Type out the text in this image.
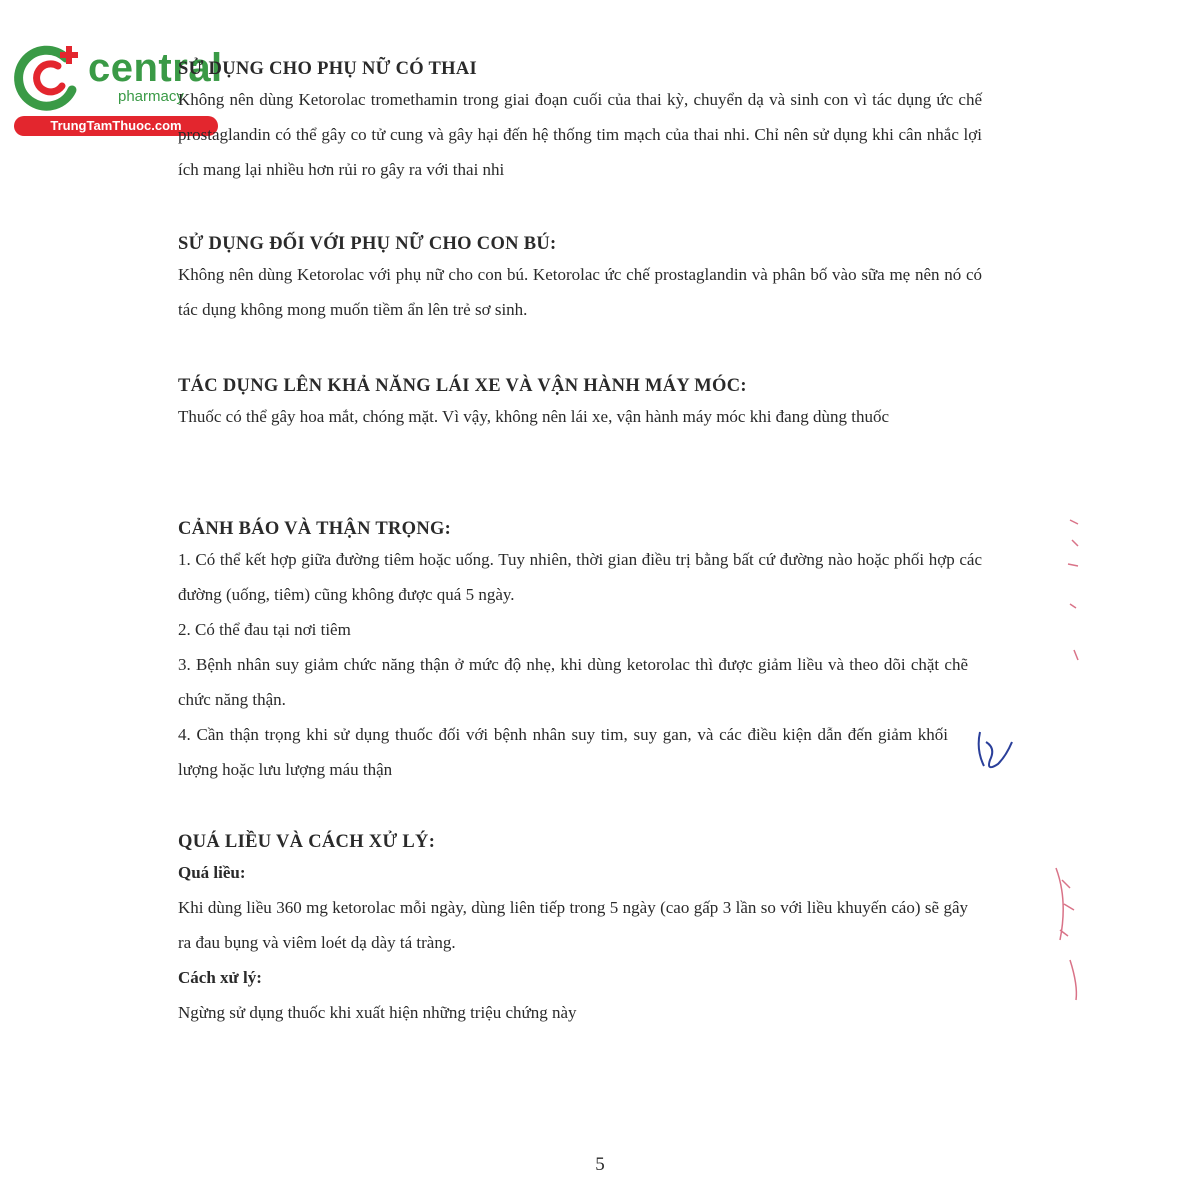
central
pharmacy
TrungTamThuoc.com
SỬ DỤNG CHO PHỤ NỮ CÓ THAI

Không nên dùng Ketorolac tromethamin trong giai đoạn cuối của thai kỳ, chuyển dạ và sinh con vì tác dụng ức chế prostaglandin có thể gây co tử cung và gây hại đến hệ thống tim mạch của thai nhi. Chỉ nên sử dụng khi cân nhắc lợi ích mang lại nhiều hơn rủi ro gây ra với thai nhi

SỬ DỤNG ĐỐI VỚI PHỤ NỮ CHO CON BÚ:

Không nên dùng Ketorolac với phụ nữ cho con bú. Ketorolac ức chế prostaglandin và phân bố vào sữa mẹ nên nó có tác dụng không mong muốn tiềm ẩn lên trẻ sơ sinh.

TÁC DỤNG LÊN KHẢ NĂNG LÁI XE VÀ VẬN HÀNH MÁY MÓC:

Thuốc có thể gây hoa mắt, chóng mặt. Vì vậy, không nên lái xe, vận hành máy móc khi đang dùng thuốc

CẢNH BÁO VÀ THẬN TRỌNG:

1. Có thể kết hợp giữa đường tiêm hoặc uống. Tuy nhiên, thời gian điều trị bằng bất cứ đường nào hoặc phối hợp các đường (uống, tiêm) cũng không được quá 5 ngày.

2. Có thể đau tại nơi tiêm

3. Bệnh nhân suy giảm chức năng thận ở mức độ nhẹ, khi dùng ketorolac thì được giảm liều và theo dõi chặt chẽ chức năng thận.

4. Cần thận trọng khi sử dụng thuốc đối với bệnh nhân suy tim, suy gan, và các điều kiện dẫn đến giảm khối lượng hoặc lưu lượng máu thận

QUÁ LIỀU VÀ CÁCH XỬ LÝ:

Quá liều:

Khi dùng liều 360 mg ketorolac mỗi ngày, dùng liên tiếp trong 5 ngày (cao gấp 3 lần so với liều khuyến cáo) sẽ gây ra đau bụng và viêm loét dạ dày tá tràng.

Cách xử lý:

Ngừng sử dụng thuốc khi xuất hiện những triệu chứng này

5
